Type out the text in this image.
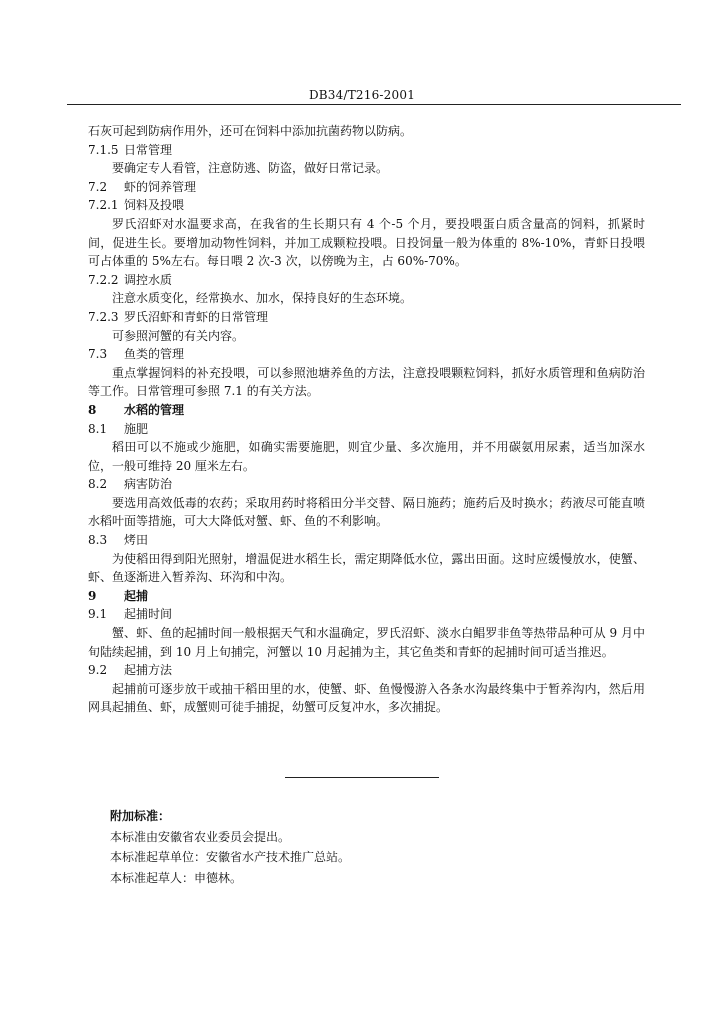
DB34/T216-2001
石灰可起到防病作用外，还可在饲料中添加抗菌药物以防病。
7.1.5 日常管理
要确定专人看管，注意防逃、防盗，做好日常记录。
7.2 虾的饲养管理
7.2.1 饲料及投喂
罗氏沼虾对水温要求高，在我省的生长期只有 4 个-5 个月，要投喂蛋白质含量高的饲料，抓紧时间，促进生长。要增加动物性饲料，并加工成颗粒投喂。日投饲量一般为体重的 8%-10%，青虾日投喂可占体重的 5%左右。每日喂 2 次-3 次，以傍晚为主，占 60%-70%。
7.2.2 调控水质
注意水质变化，经常换水、加水，保持良好的生态环境。
7.2.3 罗氏沼虾和青虾的日常管理
可参照河蟹的有关内容。
7.3 鱼类的管理
重点掌握饲料的补充投喂，可以参照池塘养鱼的方法，注意投喂颗粒饲料，抓好水质管理和鱼病防治等工作。日常管理可参照 7.1 的有关方法。
8 水稻的管理
8.1 施肥
稻田可以不施或少施肥，如确实需要施肥，则宜少量、多次施用，并不用碳氨用尿素，适当加深水位，一般可维持 20 厘米左右。
8.2 病害防治
要选用高效低毒的农药；采取用药时将稻田分半交替、隔日施药；施药后及时换水；药液尽可能直喷水稻叶面等措施，可大大降低对蟹、虾、鱼的不利影响。
8.3 烤田
为使稻田得到阳光照射，增温促进水稻生长，需定期降低水位，露出田面。这时应缓慢放水，使蟹、虾、鱼逐渐进入暂养沟、环沟和中沟。
9 起捕
9.1 起捕时间
蟹、虾、鱼的起捕时间一般根据天气和水温确定，罗氏沼虾、淡水白鲳罗非鱼等热带品种可从 9 月中旬陆续起捕，到 10 月上旬捕完，河蟹以 10 月起捕为主，其它鱼类和青虾的起捕时间可适当推迟。
9.2 起捕方法
起捕前可逐步放干或抽干稻田里的水，使蟹、虾、鱼慢慢游入各条水沟最终集中于暂养沟内，然后用网具起捕鱼、虾，成蟹则可徒手捕捉，幼蟹可反复冲水，多次捕捉。
附加标准：
本标准由安徽省农业委员会提出。
本标准起草单位：安徽省水产技术推广总站。
本标准起草人：申德林。
